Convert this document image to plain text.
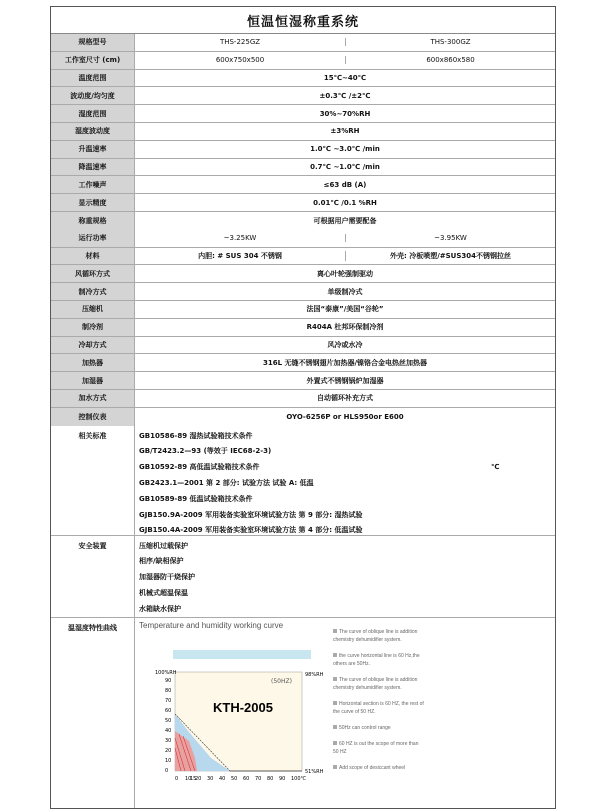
恒温恒湿称重系统
规格型号	THS-225GZ	THS-300GZ
工作室尺寸 (cm)	600x750x500	600x860x580
温度范围	15℃~40℃
波动度/均匀度	±0.3℃ /±2℃
湿度范围	30%~70%RH
湿度波动度	±3%RH
升温速率	1.0℃ ~3.0℃ /min
降温速率	0.7℃ ~1.0℃ /min
工作噪声	≤63 dB (A)
显示精度	0.01℃ /0.1 %RH
称重规格	可根据用户需要配备
运行功率	~3.25KW	~3.95KW
材料	内胆: # SUS 304 不锈钢	外壳: 冷板喷塑/#SUS304不锈钢拉丝
风循环方式	离心叶轮强制驱动
制冷方式	单级制冷式
压缩机	法国“泰康”/美国“谷轮”
制冷剂	R404A 杜邦环保制冷剂
冷却方式	风冷或水冷
加热器	316L 无缝不锈钢翅片加热器/镍铬合金电热丝加热器
加湿器	外置式不锈钢锅炉加湿器
加水方式	自动循环补充方式
控制仪表	OYO-6256P or HLS950or E600
相关标准	GB10586-89 湿热试验箱技术条件
GB/T2423.2—93 (等效于 IEC68-2-3)
GB10592-89 高低温试验箱技术条件	℃
GB2423.1—2001 第 2 部分: 试验方法 试验 A: 低温
GB10589-89 低温试验箱技术条件
GJB150.9A-2009 军用装备实验室环境试验方法 第 9 部分: 湿热试验
GJB150.4A-2009 军用装备实验室环境试验方法 第 4 部分: 低温试验
安全装置	压缩机过载保护
相序/缺相保护
加湿器防干烧保护
机械式超温保温
水箱缺水保护
温湿度特性曲线	Temperature and humidity working curve
KTH-2005
(50HZ)
100%RH	98%RH
51%RH
90
80
70
60
50
40
30
20
10
0
0 10
15
20 30 40 50 60 70 80 90 100℃
The curve of oblique line is addition chemistry dehumidifier system.
the curve horizontal line is 60 Hz,the others are 50Hz.
The curve of oblique line is addition chemistry dehumidifier system.
Horizontal section is 60 HZ, the rest of the curve of 50 HZ.
50Hz can control range
60 HZ is out the scope of more than 50 HZ
Add scope of desiccant wheel
